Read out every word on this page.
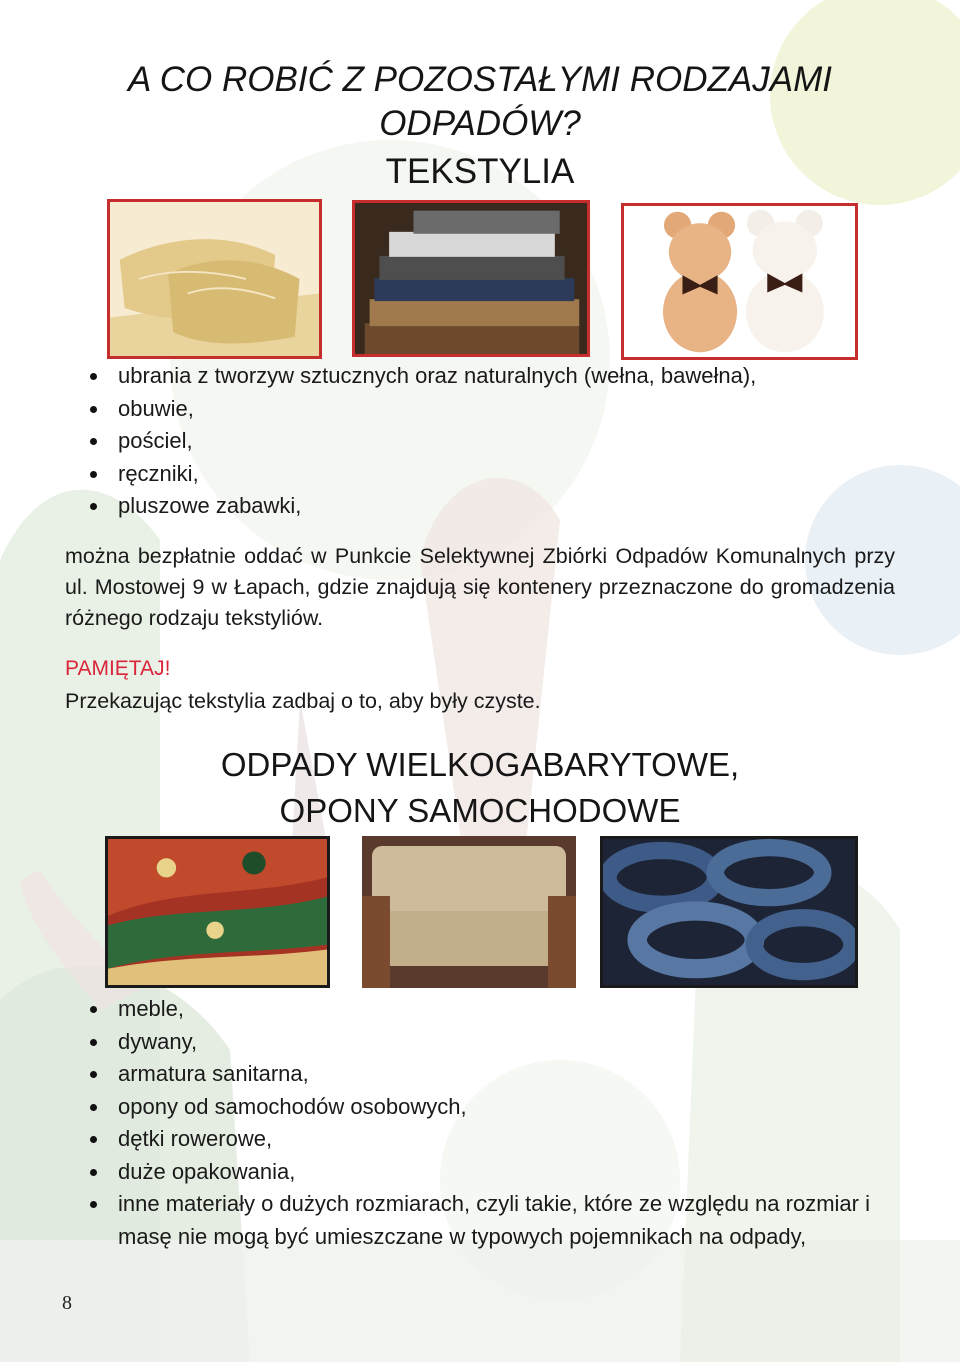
A CO ROBIĆ Z POZOSTAŁYMI RODZAJAMI
ODPADÓW?
TEKSTYLIA
ubrania z tworzyw sztucznych oraz naturalnych (wełna, bawełna),
obuwie,
pościel,
ręczniki,
pluszowe zabawki,
można bezpłatnie oddać w Punkcie Selektywnej Zbiórki Odpadów Komunalnych przy ul. Mostowej 9 w Łapach, gdzie znajdują się kontenery przeznaczone do gromadzenia różnego rodzaju tekstyliów.
PAMIĘTAJ!
Przekazując tekstylia zadbaj o to, aby były czyste.
ODPADY WIELKOGABARYTOWE,
OPONY SAMOCHODOWE
meble,
dywany,
armatura sanitarna,
opony od samochodów osobowych,
dętki rowerowe,
duże opakowania,
inne materiały o dużych rozmiarach, czyli takie, które ze względu na rozmiar i masę nie mogą być umieszczane w typowych pojemnikach na odpady,
8
